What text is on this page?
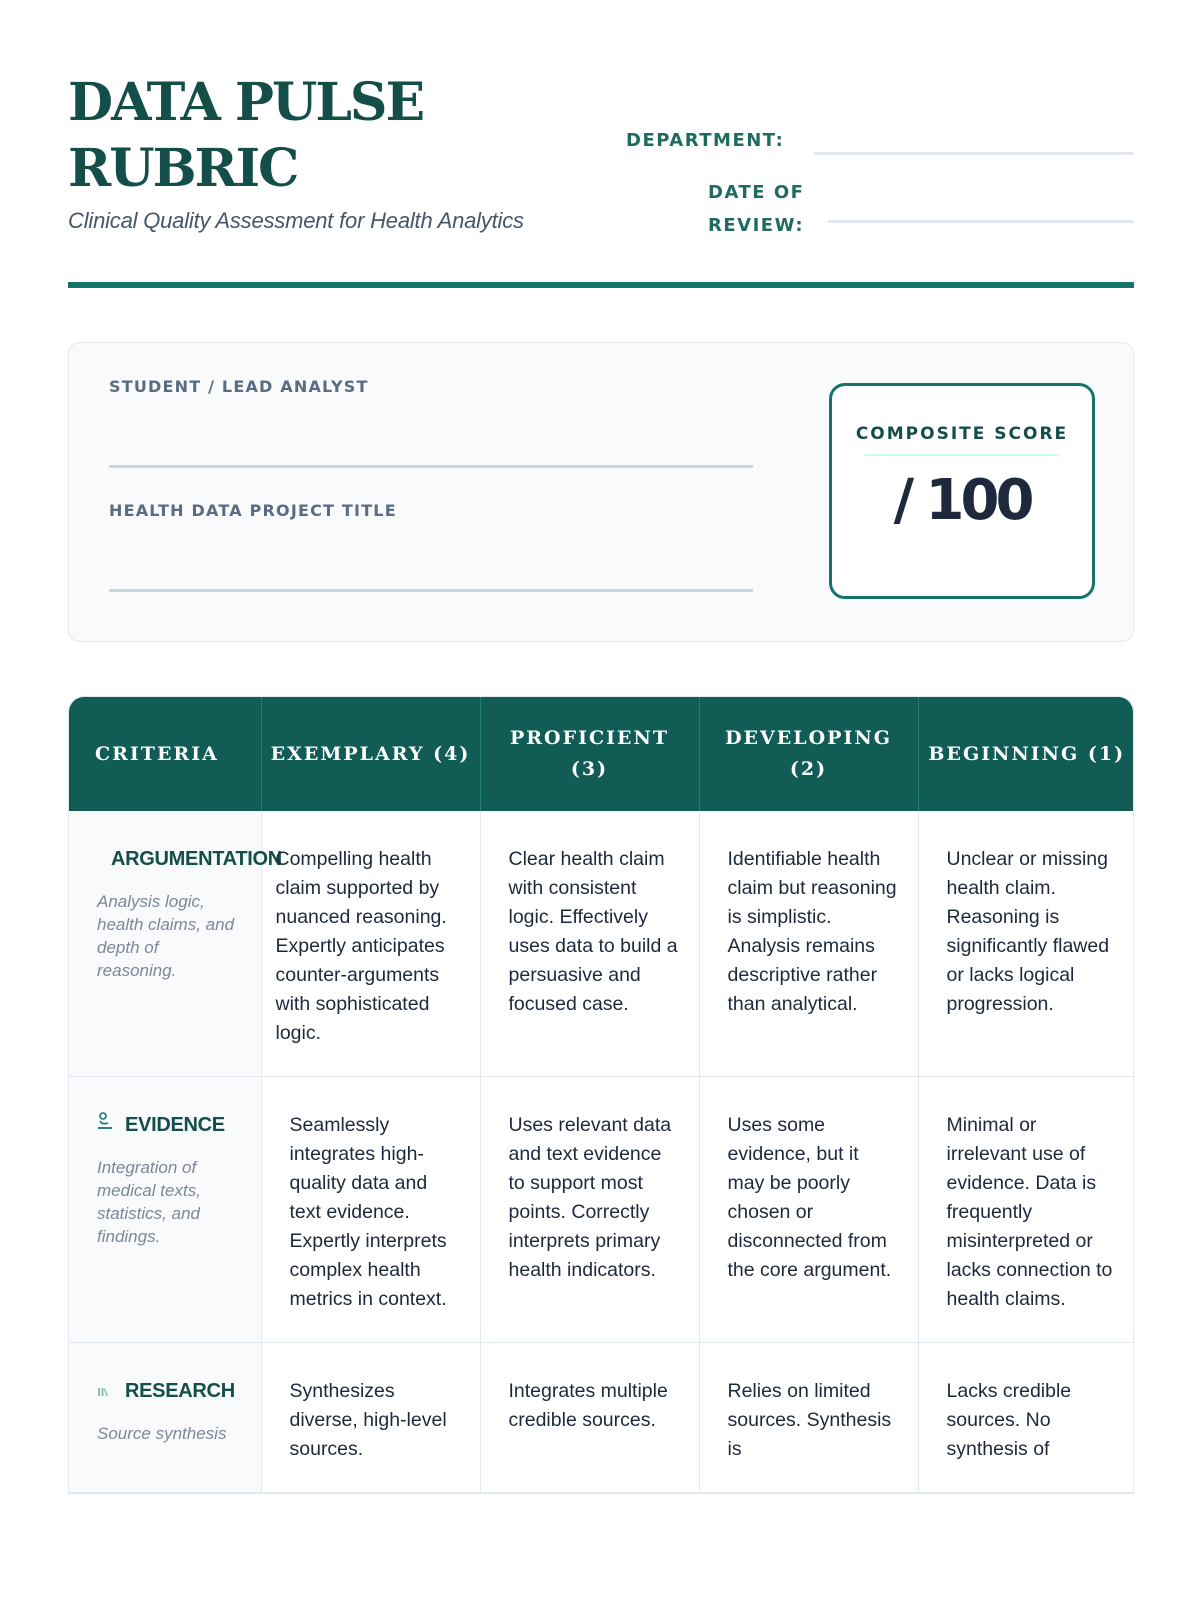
DATA PULSE RUBRIC
Clinical Quality Assessment for Health Analytics
DEPARTMENT:
DATE OF REVIEW:
STUDENT / LEAD ANALYST
HEALTH DATA PROJECT TITLE
COMPOSITE SCORE
/ 100
CRITERIA	EXEMPLARY (4)	PROFICIENT (3)	DEVELOPING (2)	BEGINNING (1)

ARGUMENTATION
Analysis logic, health claims, and depth of reasoning.	Compelling health claim supported by nuanced reasoning. Expertly anticipates counter-arguments with sophisticated logic.	Clear health claim with consistent logic. Effectively uses data to build a persuasive and focused case.	Identifiable health claim but reasoning is simplistic. Analysis remains descriptive rather than analytical.	Unclear or missing health claim. Reasoning is significantly flawed or lacks logical progression.

EVIDENCE
Integration of medical texts, statistics, and findings.	Seamlessly integrates high-quality data and text evidence. Expertly interprets complex health metrics in context.	Uses relevant data and text evidence to support most points. Correctly interprets primary health indicators.	Uses some evidence, but it may be poorly chosen or disconnected from the core argument.	Minimal or irrelevant use of evidence. Data is frequently misinterpreted or lacks connection to health claims.

RESEARCH
Source synthesis	Synthesizes diverse, high-level sources.	Integrates multiple credible sources.	Relies on limited sources. Synthesis is	Lacks credible sources. No synthesis of
